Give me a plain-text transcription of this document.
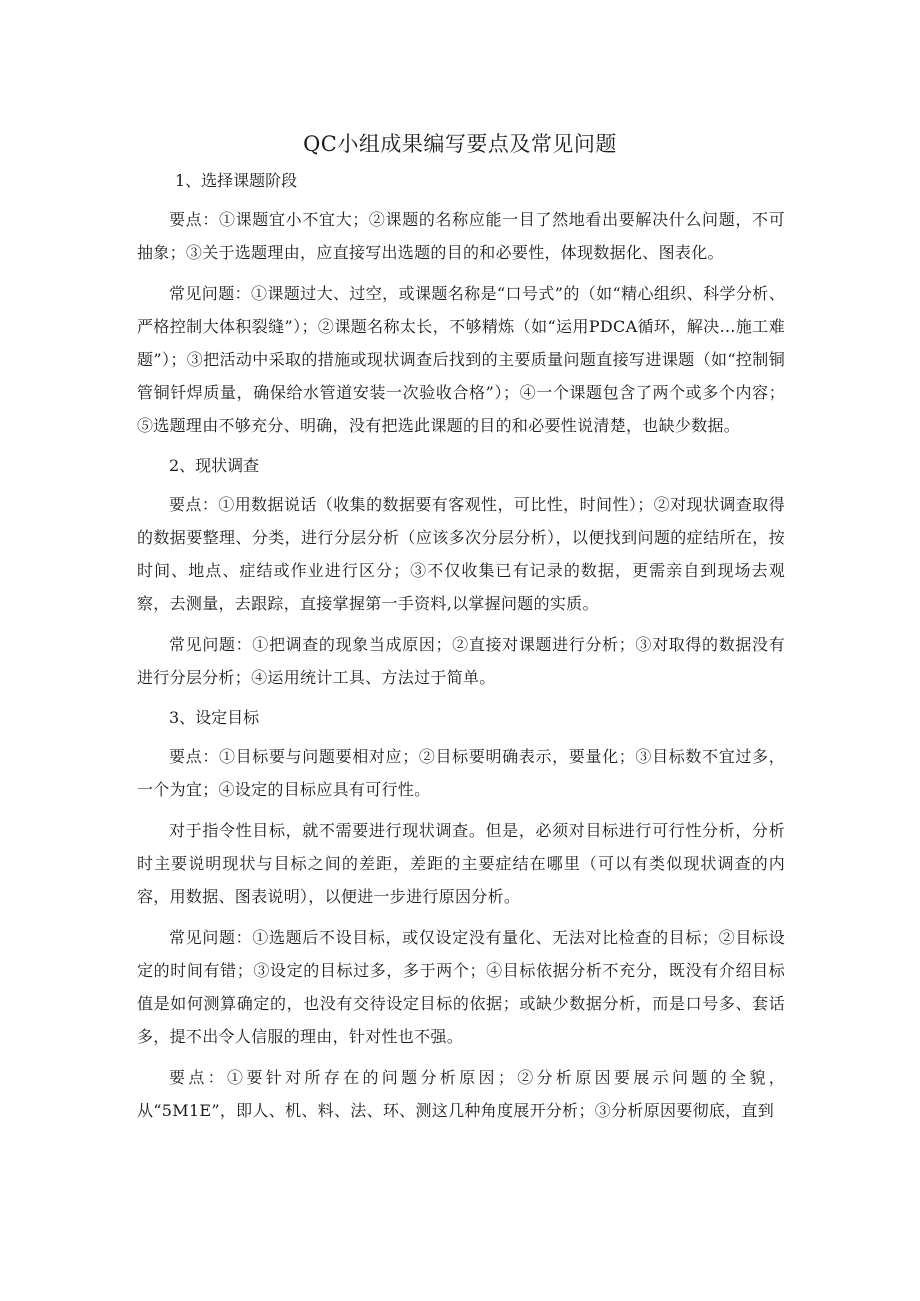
QC小组成果编写要点及常见问题

1、选择课题阶段

要点：①课题宜小不宜大；②课题的名称应能一目了然地看出要解决什么问题，不可抽象；③关于选题理由，应直接写出选题的目的和必要性，体现数据化、图表化。

常见问题：①课题过大、过空，或课题名称是“口号式”的（如“精心组织、科学分析、严格控制大体积裂缝”）；②课题名称太长，不够精炼（如“运用PDCA循环，解决…施工难题”）；③把活动中采取的措施或现状调查后找到的主要质量问题直接写进课题（如“控制铜管铜钎焊质量，确保给水管道安装一次验收合格”）；④一个课题包含了两个或多个内容；⑤选题理由不够充分、明确，没有把选此课题的目的和必要性说清楚，也缺少数据。

2、现状调查

要点：①用数据说话（收集的数据要有客观性，可比性，时间性）；②对现状调查取得的数据要整理、分类，进行分层分析（应该多次分层分析），以便找到问题的症结所在，按时间、地点、症结或作业进行区分；③不仅收集已有记录的数据，更需亲自到现场去观察，去测量，去跟踪，直接掌握第一手资料,以掌握问题的实质。

常见问题：①把调查的现象当成原因；②直接对课题进行分析；③对取得的数据没有进行分层分析；④运用统计工具、方法过于简单。

3、设定目标

要点：①目标要与问题要相对应；②目标要明确表示，要量化；③目标数不宜过多，一个为宜；④设定的目标应具有可行性。

对于指令性目标，就不需要进行现状调查。但是，必须对目标进行可行性分析，分析时主要说明现状与目标之间的差距，差距的主要症结在哪里（可以有类似现状调查的内容，用数据、图表说明），以便进一步进行原因分析。

常见问题：①选题后不设目标，或仅设定没有量化、无法对比检查的目标；②目标设定的时间有错；③设定的目标过多，多于两个；④目标依据分析不充分，既没有介绍目标值是如何测算确定的，也没有交待设定目标的依据；或缺少数据分析，而是口号多、套话多，提不出令人信服的理由，针对性也不强。

要点：①要针对所存在的问题分析原因；②分析原因要展示问题的全貌，从“5M1E”，即人、机、料、法、环、测这几种角度展开分析；③分析原因要彻底，直到
